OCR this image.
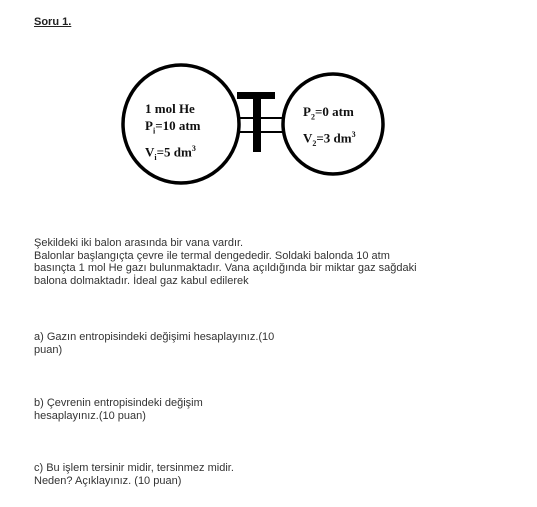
Soru 1.
1 mol He
$P_i=10$ atm
$V_i=5$ $dm^3$
$P_2=0$ atm
$V_2=3$ $dm^3$
Şekildeki iki balon arasında bir vana vardır.
Balonlar başlangıçta çevre ile termal dengededir. Soldaki balonda 10 atm
basınçta 1 mol He gazı bulunmaktadır. Vana açıldığında bir miktar gaz sağdaki
balona dolmaktadır. İdeal gaz kabul edilerek
a) Gazın entropisindeki değişimi hesaplayınız.(10
puan)
b) Çevrenin entropisindeki değişim
hesaplayınız.(10 puan)
c) Bu işlem tersinir midir, tersinmez midir.
Neden? Açıklayınız. (10 puan)
